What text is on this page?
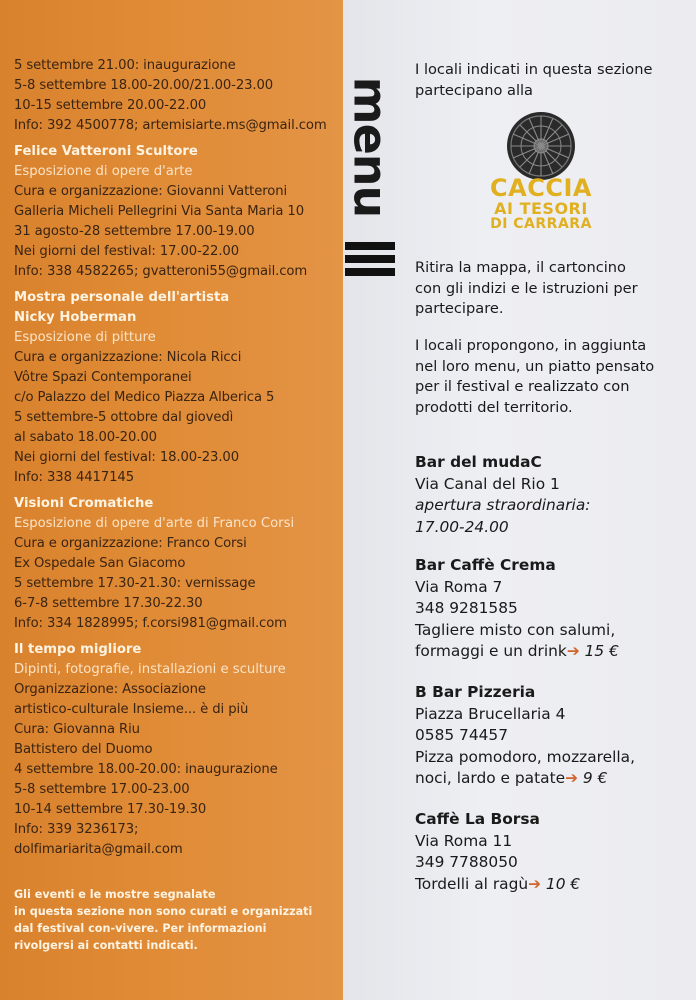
5 settembre 21.00: inaugurazione
5-8 settembre 18.00-20.00/21.00-23.00
10-15 settembre 20.00-22.00
Info: 392 4500778; artemisiarte.ms@gmail.com
Felice Vatteroni Scultore
Esposizione di opere d'arte
Cura e organizzazione: Giovanni Vatteroni
Galleria Micheli Pellegrini Via Santa Maria 10
31 agosto-28 settembre 17.00-19.00
Nei giorni del festival: 17.00-22.00
Info: 338 4582265; gvatteroni55@gmail.com
Mostra personale dell'artista
Nicky Hoberman
Esposizione di pitture
Cura e organizzazione: Nicola Ricci
Vôtre Spazi Contemporanei
c/o Palazzo del Medico Piazza Alberica 5
5 settembre-5 ottobre dal giovedì
al sabato 18.00-20.00
Nei giorni del festival: 18.00-23.00
Info: 338 4417145
Visioni Cromatiche
Esposizione di opere d'arte di Franco Corsi
Cura e organizzazione: Franco Corsi
Ex Ospedale San Giacomo
5 settembre 17.30-21.30: vernissage
6-7-8 settembre 17.30-22.30
Info: 334 1828995; f.corsi981@gmail.com
Il tempo migliore
Dipinti, fotografie, installazioni e sculture
Organizzazione: Associazione
artistico-culturale Insieme... è di più
Cura: Giovanna Riu
Battistero del Duomo
4 settembre 18.00-20.00: inaugurazione
5-8 settembre 17.00-23.00
10-14 settembre 17.30-19.30
Info: 339 3236173;
dolfimariarita@gmail.com
Gli eventi e le mostre segnalate
in questa sezione non sono curati e organizzati
dal festival con-vivere. Per informazioni
rivolgersi ai contatti indicati.
menu
I locali indicati in questa sezione
partecipano alla
CACCIA
AI TESORI
DI CARRARA
Ritira la mappa, il cartoncino
con gli indizi e le istruzioni per
partecipare.
I locali propongono, in aggiunta
nel loro menu, un piatto pensato
per il festival e realizzato con
prodotti del territorio.
Bar del mudaC
Via Canal del Rio 1
apertura straordinaria:
17.00-24.00
Bar Caffè Crema
Via Roma 7
348 9281585
Tagliere misto con salumi,
formaggi e un drink➔ 15 €
B Bar Pizzeria
Piazza Brucellaria 4
0585 74457
Pizza pomodoro, mozzarella,
noci, lardo e patate➔ 9 €
Caffè La Borsa
Via Roma 11
349 7788050
Tordelli al ragù➔ 10 €
